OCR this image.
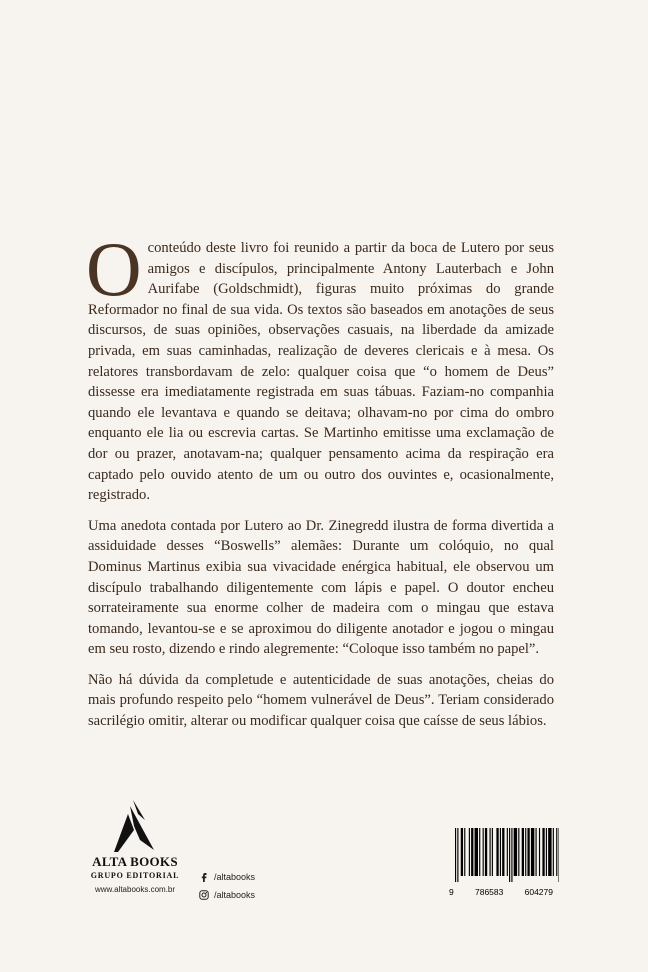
Oconteúdo deste livro foi reunido a partir da boca de Lutero por seus amigos e discípulos, principalmente Antony Lauterbach e John Aurifabe (Goldschmidt), figuras muito próximas do grande Reformador no final de sua vida. Os textos são baseados em anotações de seus discursos, de suas opiniões, observações casuais, na liberdade da amizade privada, em suas caminhadas, realização de deveres clericais e à mesa. Os relatores transbordavam de zelo: qualquer coisa que “o homem de Deus” dissesse era imediatamente registrada em suas tábuas. Faziam-no companhia quando ele levantava e quando se deitava; olhavam-no por cima do ombro enquanto ele lia ou escrevia cartas. Se Martinho emitisse uma exclamação de dor ou prazer, anotavam-na; qualquer pensamento acima da respiração era captado pelo ouvido atento de um ou outro dos ouvintes e, ocasionalmente, registrado.

Uma anedota contada por Lutero ao Dr. Zinegredd ilustra de forma divertida a assiduidade desses “Boswells” alemães: Durante um colóquio, no qual Dominus Martinus exibia sua vivacidade enérgica habitual, ele observou um discípulo trabalhando diligentemente com lápis e papel. O doutor encheu sorrateiramente sua enorme colher de madeira com o mingau que estava tomando, levantou-se e se aproximou do diligente anotador e jogou o mingau em seu rosto, dizendo e rindo alegremente: “Coloque isso também no papel”.

Não há dúvida da completude e autenticidade de suas anotações, cheias do mais profundo respeito pelo “homem vulnerável de Deus”. Teriam considerado sacrilégio omitir, alterar ou modificar qualquer coisa que caísse de seus lábios.

ALTA BOOKS
GRUPO EDITORIAL
www.altabooks.com.br
/altabooks
/altabooks	9	786583	604279
